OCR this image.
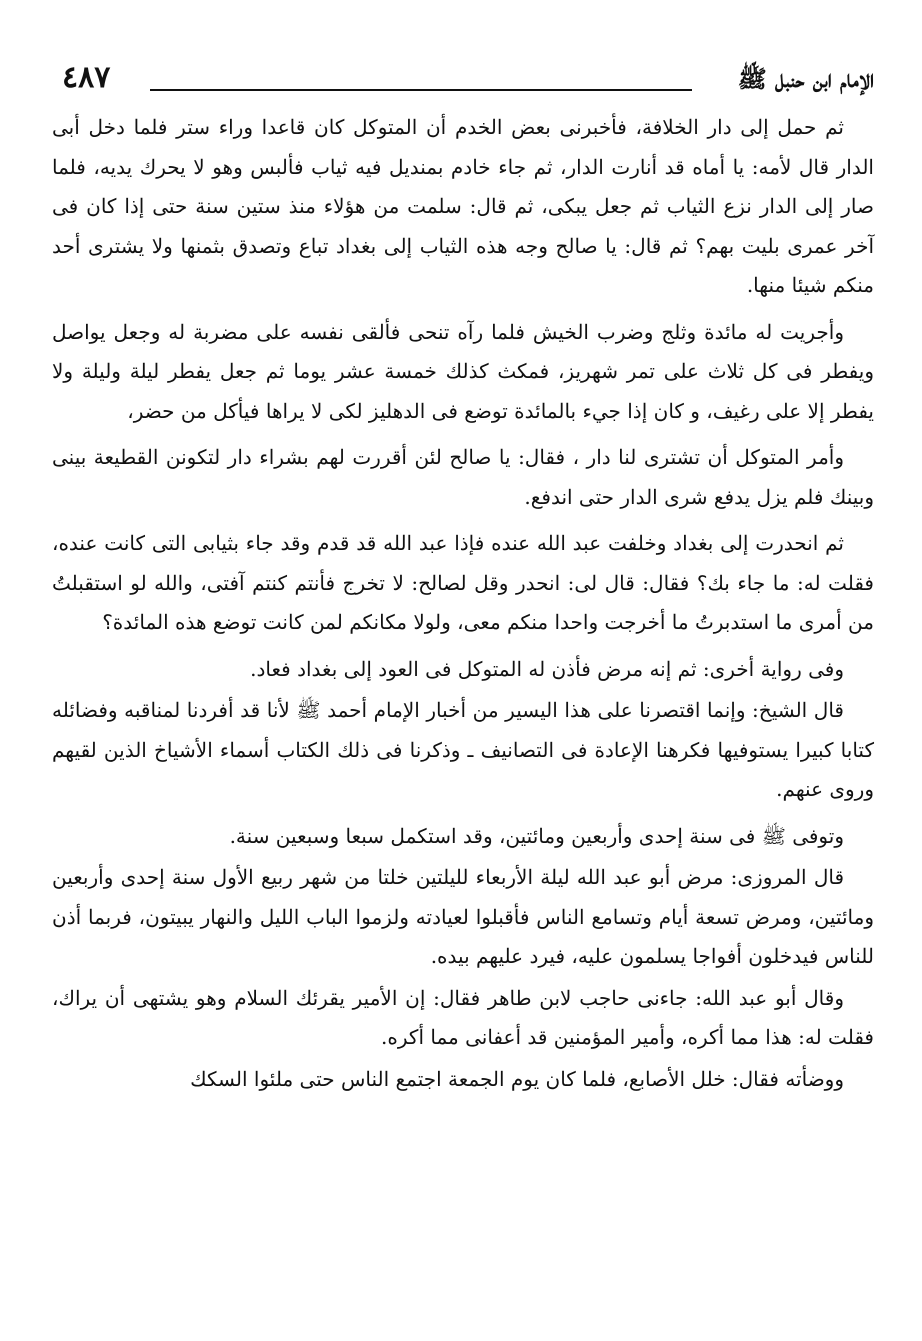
الإمام ابن حنبل ﷺ
٤٨٧

ثم حمل إلى دار الخلافة، فأخبرنى بعض الخدم أن المتوكل كان قاعدا وراء ستر فلما دخل أبى الدار قال لأمه: يا أماه قد أنارت الدار، ثم جاء خادم بمنديل فيه ثياب فألبس وهو لا يحرك يديه، فلما صار إلى الدار نزع الثياب ثم جعل يبكى، ثم قال: سلمت من هؤلاء منذ ستين سنة حتى إذا كان فى آخر عمرى بليت بهم؟ ثم قال: يا صالح وجه هذه الثياب إلى بغداد تباع وتصدق بثمنها ولا يشترى أحد منكم شيئا منها.

وأجريت له مائدة وثلج وضرب الخيش فلما رآه تنحى فألقى نفسه على مضربة له وجعل يواصل ويفطر فى كل ثلاث على تمر شهريز، فمكث كذلك خمسة عشر يوما ثم جعل يفطر ليلة وليلة ولا يفطر إلا على رغيف، و كان إذا جيء بالمائدة توضع فى الدهليز لكى لا يراها فيأكل من حضر،

وأمر المتوكل أن تشترى لنا دار ، فقال: يا صالح لئن أقررت لهم بشراء دار لتكونن القطيعة بينى وبينك فلم يزل يدفع شرى الدار حتى اندفع.

ثم انحدرت إلى بغداد وخلفت عبد الله عنده فإذا عبد الله قد قدم وقد جاء بثيابى التى كانت عنده، فقلت له: ما جاء بك؟ فقال: قال لى: انحدر وقل لصالح: لا تخرج فأنتم كنتم آفتى، والله لو استقبلتُ من أمرى ما استدبرتُ ما أخرجت واحدا منكم معى، ولولا مكانكم لمن كانت توضع هذه المائدة؟

وفى رواية أخرى: ثم إنه مرض فأذن له المتوكل فى العود إلى بغداد فعاد.

قال الشيخ: وإنما اقتصرنا على هذا اليسير من أخبار الإمام أحمد ﷺ لأنا قد أفردنا لمناقبه وفضائله كتابا كبيرا يستوفيها فكرهنا الإعادة فى التصانيف ـ وذكرنا فى ذلك الكتاب أسماء الأشياخ الذين لقيهم وروى عنهم.

وتوفى ﷺ فى سنة إحدى وأربعين ومائتين، وقد استكمل سبعا وسبعين سنة.

قال المروزى: مرض أبو عبد الله ليلة الأربعاء لليلتين خلتا من شهر ربيع الأول سنة إحدى وأربعين ومائتين، ومرض تسعة أيام وتسامع الناس فأقبلوا لعيادته ولزموا الباب الليل والنهار يبيتون، فربما أذن للناس فيدخلون أفواجا يسلمون عليه، فيرد عليهم بيده.

وقال أبو عبد الله: جاءنى حاجب لابن طاهر فقال: إن الأمير يقرئك السلام وهو يشتهى أن يراك، فقلت له: هذا مما أكره، وأمير المؤمنين قد أعفانى مما أكره.

ووضأته فقال: خلل الأصابع، فلما كان يوم الجمعة اجتمع الناس حتى ملئوا السكك
